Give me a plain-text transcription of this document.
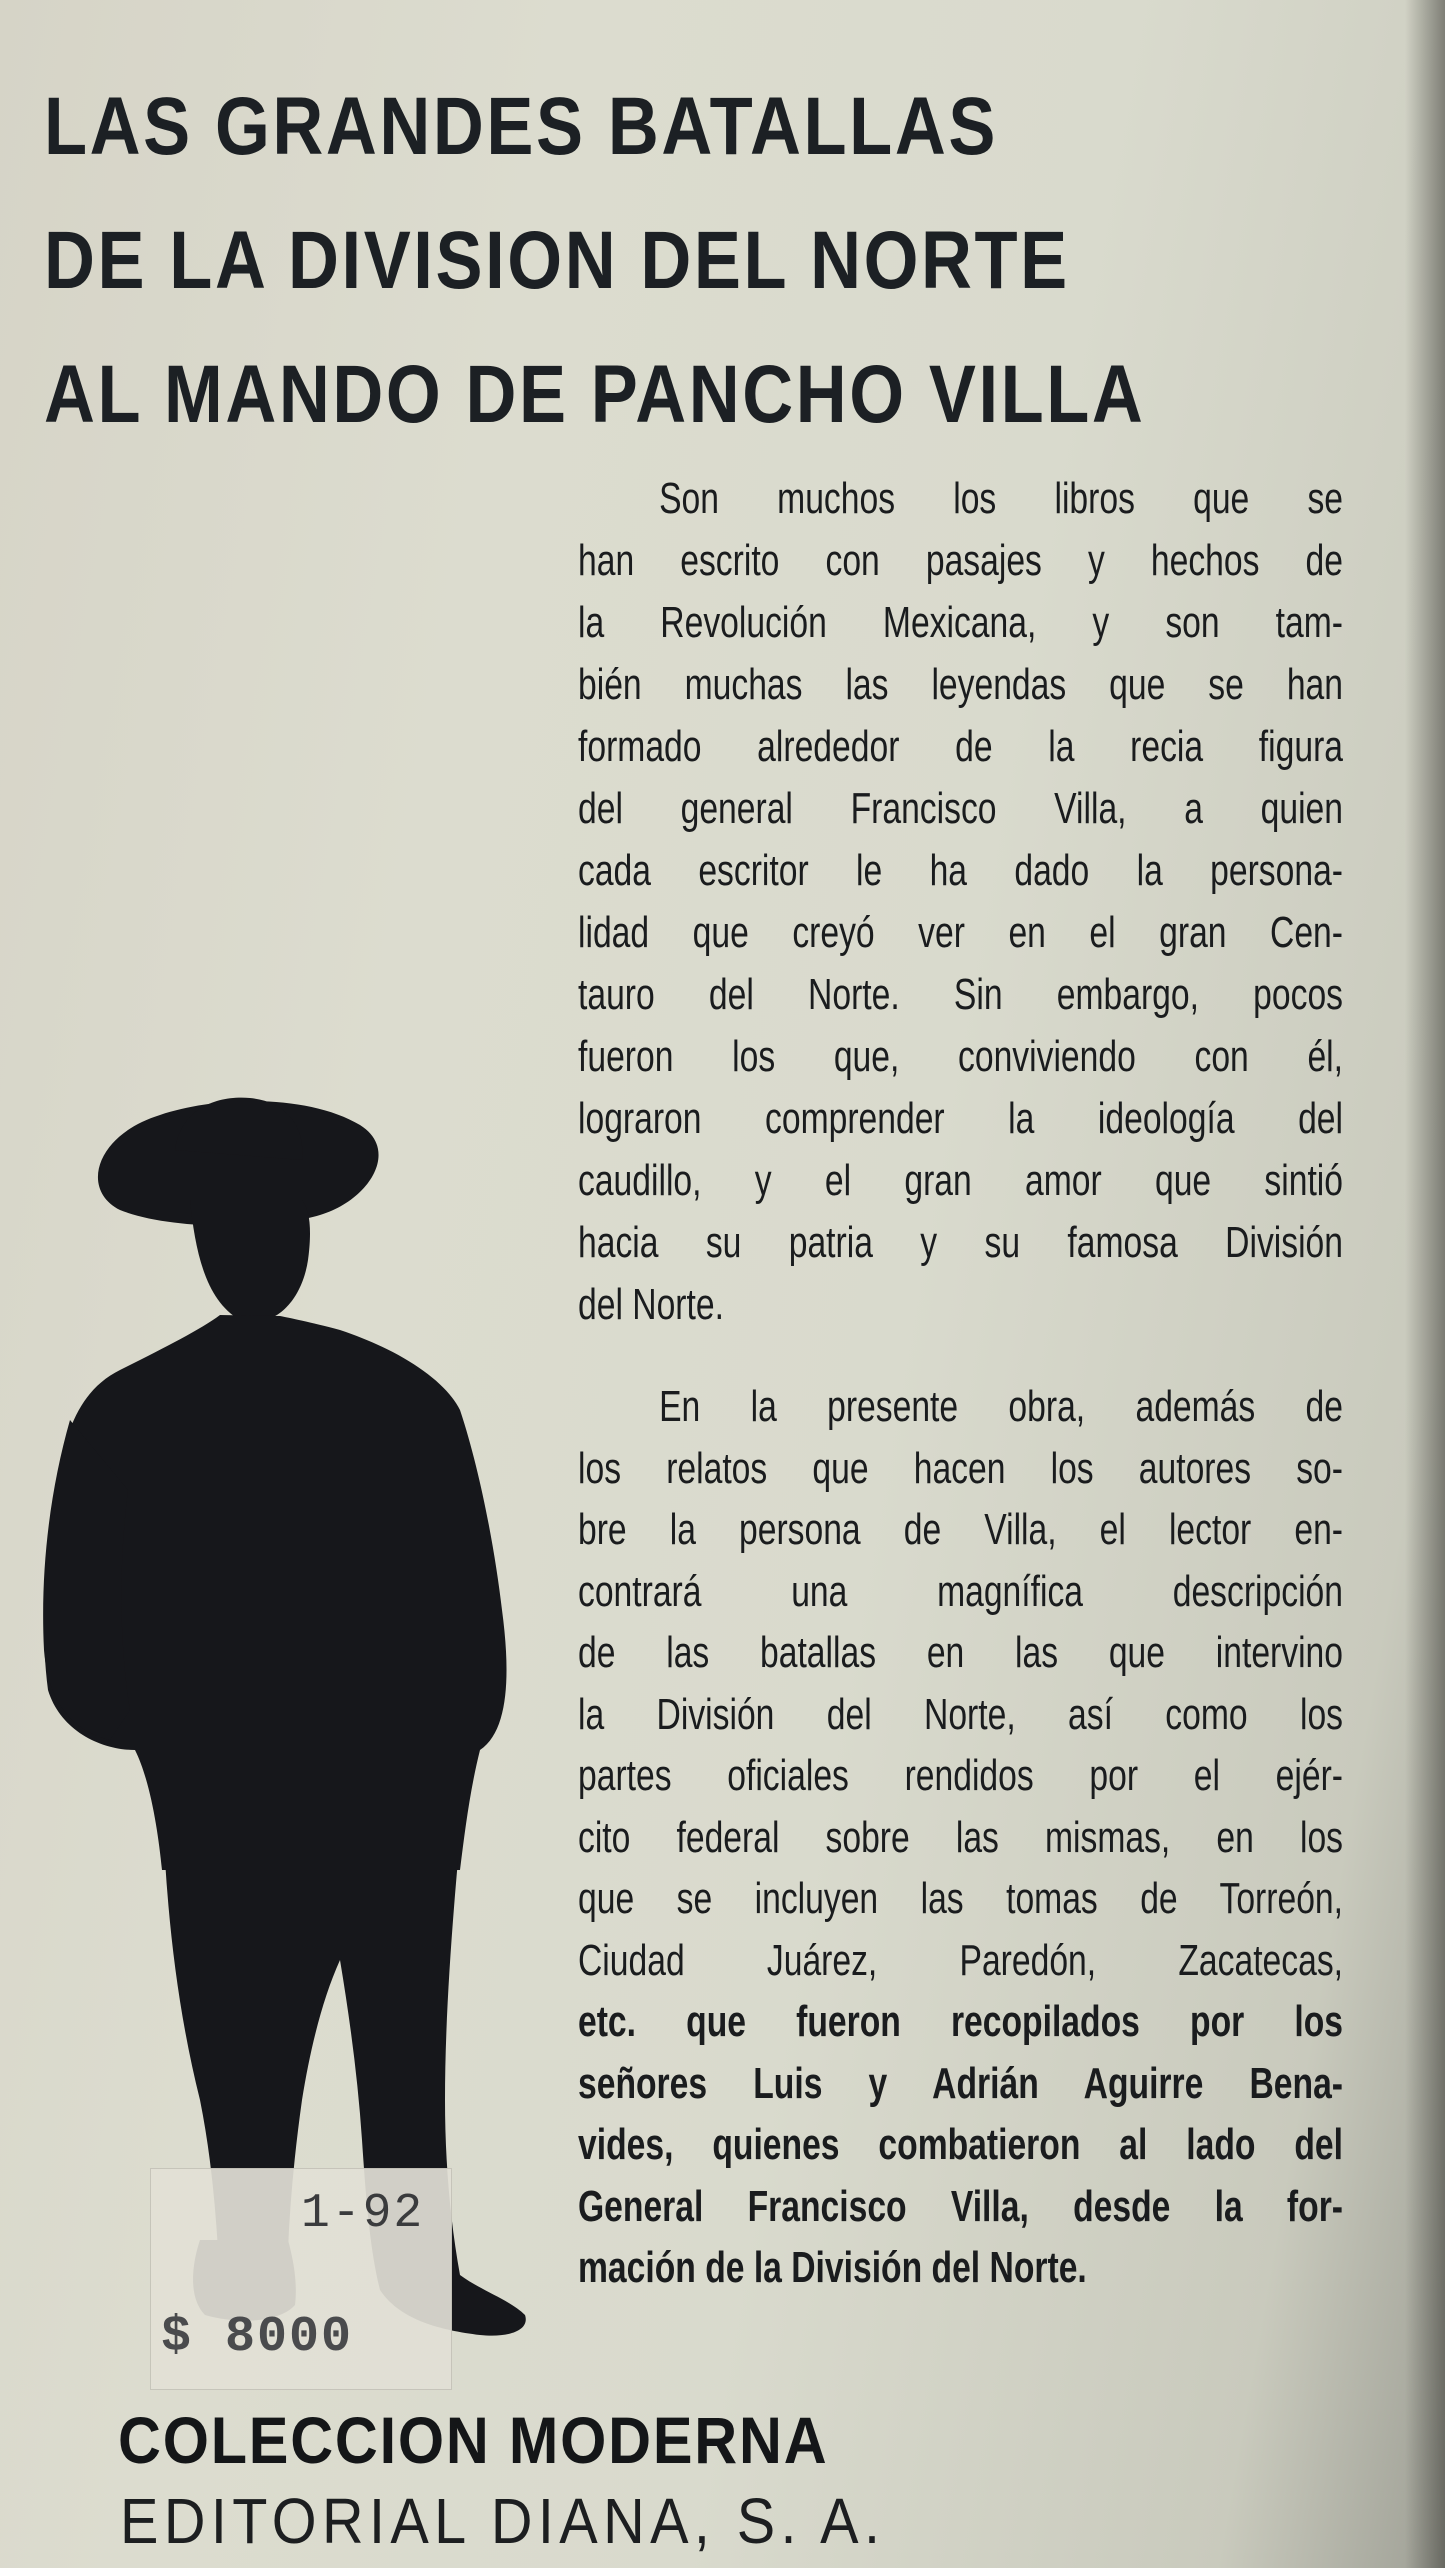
LAS GRANDES BATALLAS
DE LA DIVISION DEL NORTE
AL MANDO DE PANCHO VILLA
Son muchos los libros que se
han escrito con pasajes y hechos de
la Revolución Mexicana, y son tam-
bién muchas las leyendas que se han
formado alrededor de la recia figura
del general Francisco Villa, a quien
cada escritor le ha dado la persona-
lidad que creyó ver en el gran Cen-
tauro del Norte. Sin embargo, pocos
fueron los que, conviviendo con él,
lograron comprender la ideología del
caudillo, y el gran amor que sintió
hacia su patria y su famosa División
del Norte.
En la presente obra, además de
los relatos que hacen los autores so-
bre la persona de Villa, el lector en-
contrará una magnífica descripción
de las batallas en las que intervino
la División del Norte, así como los
partes oficiales rendidos por el ejér-
cito federal sobre las mismas, en los
que se incluyen las tomas de Torreón,
Ciudad Juárez, Paredón, Zacatecas,
etc. que fueron recopilados por los
señores Luis y Adrián Aguirre Bena-
vides, quienes combatieron al lado del
General Francisco Villa, desde la for-
mación de la División del Norte.
1-92
$ 8000
COLECCION MODERNA
EDITORIAL DIANA, S. A.
